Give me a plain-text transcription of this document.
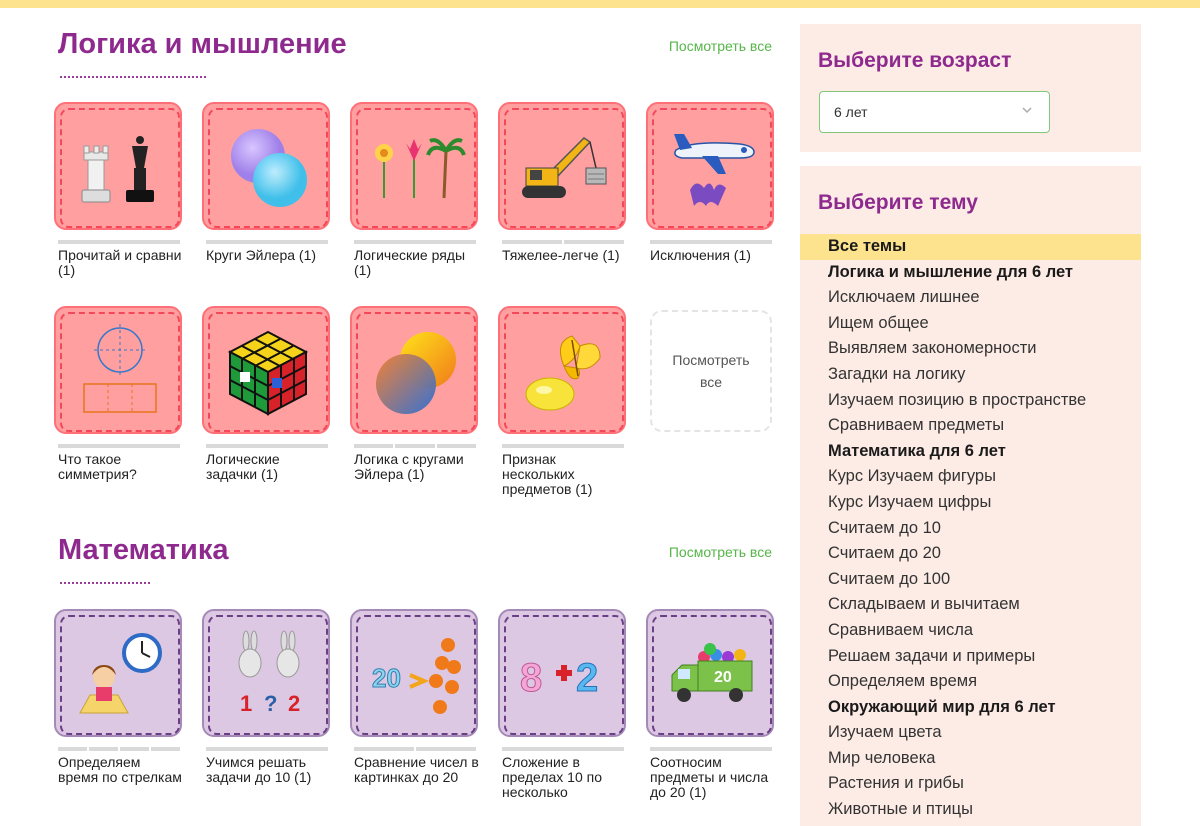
Логика и мышление	Посмотреть все
Прочитай и сравни (1)
Круги Эйлера (1)	Логические ряды (1)
Тяжелее-легче (1)	Исключения (1)
Что такое симметрия?
Логические задачки (1)
Логика с кругами Эйлера (1)
Признак нескольких предметов (1)
Посмотреть все
Математика	Посмотреть все
Определяем время по стрелкам
1 ? 2
Учимся решать задачи до 10 (1)
20
Сравнение чисел в картинках до 20
8 2
Сложение в пределах 10 по несколько
20
Соотносим предметы и числа до 20 (1)
Выберите возраст
6 лет
Выберите тему
Все темы
Логика и мышление для 6 лет
Исключаем лишнее
Ищем общее
Выявляем закономерности
Загадки на логику
Изучаем позицию в пространстве
Сравниваем предметы
Математика для 6 лет
Курс Изучаем фигуры
Курс Изучаем цифры
Считаем до 10
Считаем до 20
Считаем до 100
Складываем и вычитаем
Сравниваем числа
Решаем задачи и примеры
Определяем время
Окружающий мир для 6 лет
Изучаем цвета
Мир человека
Растения и грибы
Животные и птицы
